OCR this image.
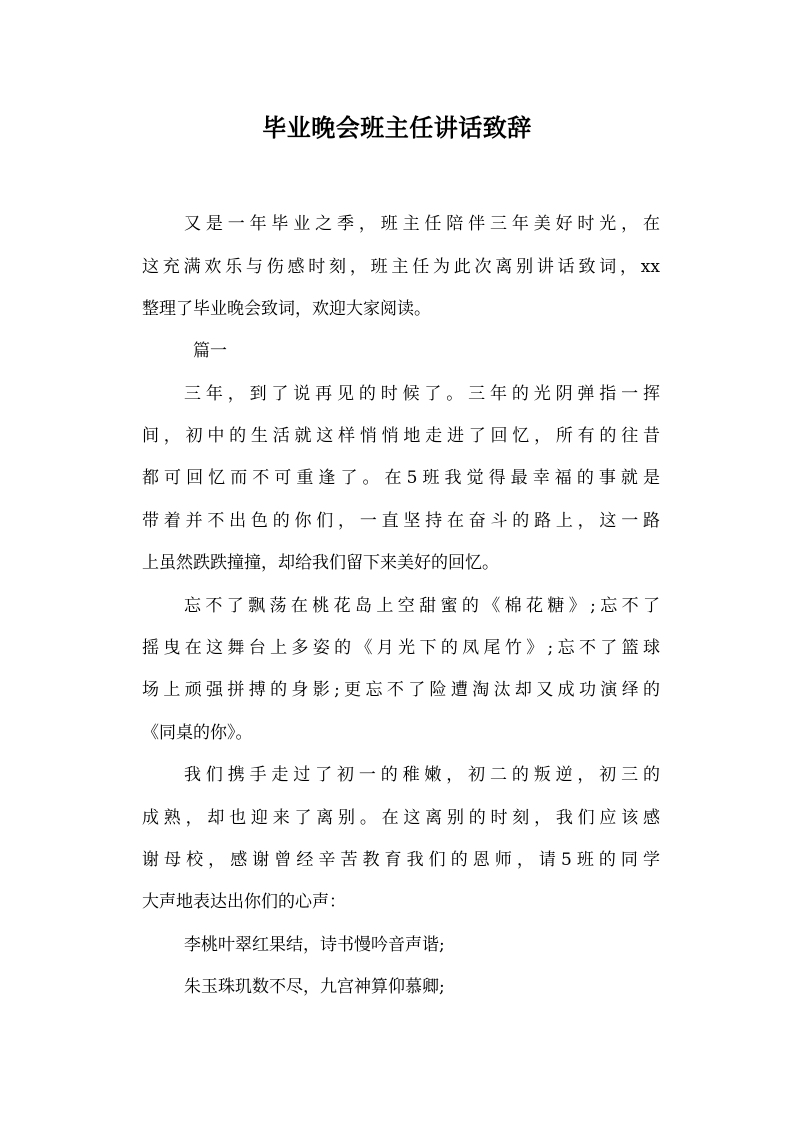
毕业晚会班主任讲话致辞
又是一年毕业之季，班主任陪伴三年美好时光，在
这充满欢乐与伤感时刻，班主任为此次离别讲话致词，xx
整理了毕业晚会致词，欢迎大家阅读。
篇一
三年，到了说再见的时候了。三年的光阴弹指一挥
间，初中的生活就这样悄悄地走进了回忆，所有的往昔
都可回忆而不可重逢了。在5班我觉得最幸福的事就是
带着并不出色的你们，一直坚持在奋斗的路上，这一路
上虽然跌跌撞撞，却给我们留下来美好的回忆。
忘不了飘荡在桃花岛上空甜蜜的《棉花糖》;忘不了
摇曳在这舞台上多姿的《月光下的凤尾竹》;忘不了篮球
场上顽强拼搏的身影;更忘不了险遭淘汰却又成功演绎的
《同桌的你》。
我们携手走过了初一的稚嫩，初二的叛逆，初三的
成熟，却也迎来了离别。在这离别的时刻，我们应该感
谢母校，感谢曾经辛苦教育我们的恩师，请5班的同学
大声地表达出你们的心声：
李桃叶翠红果结，诗书慢吟音声谐;
朱玉珠玑数不尽，九宫神算仰慕卿;
